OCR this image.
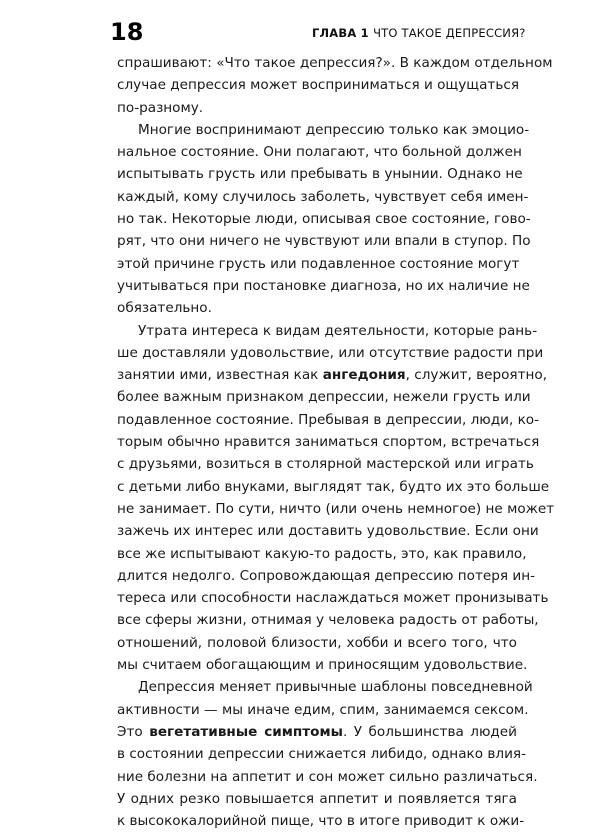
18	ГЛАВА 1 ЧТО ТАКОЕ ДЕПРЕССИЯ?
спрашивают: «Что такое депрессия?». В каждом отдельном
случае депрессия может восприниматься и ощущаться
по-разному.
Многие воспринимают депрессию только как эмоцио-
нальное состояние. Они полагают, что больной должен
испытывать грусть или пребывать в унынии. Однако не
каждый, кому случилось заболеть, чувствует себя имен-
но так. Некоторые люди, описывая свое состояние, гово-
рят, что они ничего не чувствуют или впали в ступор. По
этой причине грусть или подавленное состояние могут
учитываться при постановке диагноза, но их наличие не
обязательно.
Утрата интереса к видам деятельности, которые рань-
ше доставляли удовольствие, или отсутствие радости при
занятии ими, известная как ангедония, служит, вероятно,
более важным признаком депрессии, нежели грусть или
подавленное состояние. Пребывая в депрессии, люди, ко-
торым обычно нравится заниматься спортом, встречаться
с друзьями, возиться в столярной мастерской или играть
с детьми либо внуками, выглядят так, будто их это больше
не занимает. По сути, ничто (или очень немногое) не может
зажечь их интерес или доставить удовольствие. Если они
все же испытывают какую-то радость, это, как правило,
длится недолго. Сопровождающая депрессию потеря ин-
тереса или способности наслаждаться может пронизывать
все сферы жизни, отнимая у человека радость от работы,
отношений, половой близости, хобби и всего того, что
мы считаем обогащающим и приносящим удовольствие.
Депрессия меняет привычные шаблоны повседневной
активности — мы иначе едим, спим, занимаемся сексом.
Это вегетативные симптомы. У большинства людей
в состоянии депрессии снижается либидо, однако влия-
ние болезни на аппетит и сон может сильно различаться.
У одних резко повышается аппетит и появляется тяга
к высококалорийной пище, что в итоге приводит к ожи-
